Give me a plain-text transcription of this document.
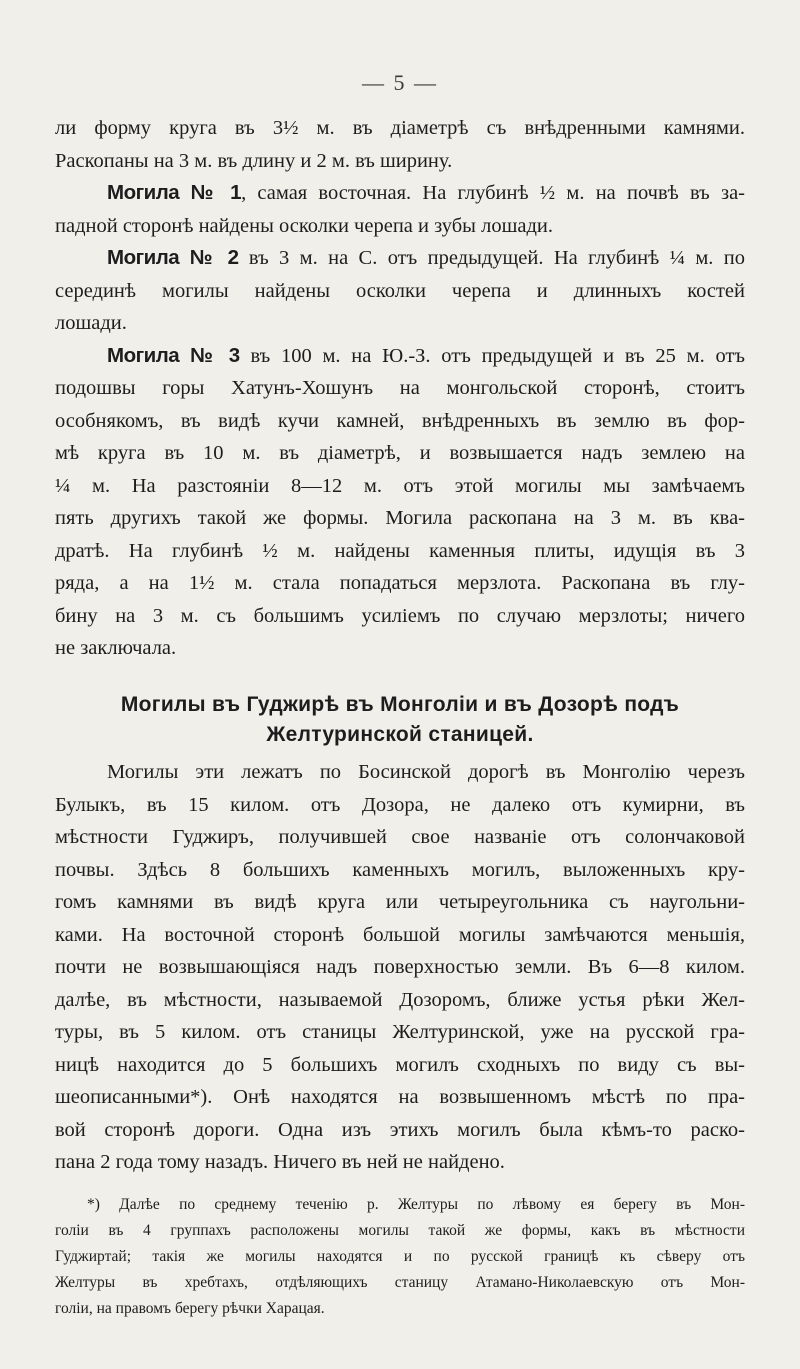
— 5 —
ли форму круга въ 3½ м. въ діаметрѣ съ внѣдренными камнями.
Раскопаны на 3 м. въ длину и 2 м. въ ширину.
Могила № 1, самая восточная. На глубинѣ ½ м. на почвѣ въ за-
падной сторонѣ найдены осколки черепа и зубы лошади.
Могила № 2 въ 3 м. на С. отъ предыдущей. На глубинѣ ¼ м. по
серединѣ могилы найдены осколки черепа и длинныхъ костей
лошади.
Могила № 3 въ 100 м. на Ю.-З. отъ предыдущей и въ 25 м. отъ
подошвы горы Хатунъ-Хошунъ на монгольской сторонѣ, стоитъ
особнякомъ, въ видѣ кучи камней, внѣдренныхъ въ землю въ фор-
мѣ круга въ 10 м. въ діаметрѣ, и возвышается надъ землею на
¼ м. На разстояніи 8—12 м. отъ этой могилы мы замѣчаемъ
пять другихъ такой же формы. Могила раскопана на 3 м. въ ква-
дратѣ. На глубинѣ ½ м. найдены каменныя плиты, идущія въ 3
ряда, а на 1½ м. стала попадаться мерзлота. Раскопана въ глу-
бину на 3 м. съ большимъ усиліемъ по случаю мерзлоты; ничего
не заключала.
Могилы въ Гуджирѣ въ Монголіи и въ Дозорѣ подъ
Желтуринской станицей.
Могилы эти лежатъ по Босинской дорогѣ въ Монголію черезъ
Булыкъ, въ 15 килом. отъ Дозора, не далеко отъ кумирни, въ
мѣстности Гуджиръ, получившей свое названіе отъ солончаковой
почвы. Здѣсь 8 большихъ каменныхъ могилъ, выложенныхъ кру-
гомъ камнями въ видѣ круга или четыреугольника съ наугольни-
ками. На восточной сторонѣ большой могилы замѣчаются меньшія,
почти не возвышающіяся надъ поверхностью земли. Въ 6—8 килом.
далѣе, въ мѣстности, называемой Дозоромъ, ближе устья рѣки Жел-
туры, въ 5 килом. отъ станицы Желтуринской, уже на русской гра-
ницѣ находится до 5 большихъ могилъ сходныхъ по виду съ вы-
шеописанными*). Онѣ находятся на возвышенномъ мѣстѣ по пра-
вой сторонѣ дороги. Одна изъ этихъ могилъ была кѣмъ-то раско-
пана 2 года тому назадъ. Ничего въ ней не найдено.
*) Далѣе по среднему теченію р. Желтуры по лѣвому ея берегу въ Мон-
голіи въ 4 группахъ расположены могилы такой же формы, какъ въ мѣстности
Гуджиртай; такія же могилы находятся и по русской границѣ къ сѣверу отъ
Желтуры въ хребтахъ, отдѣляющихъ станицу Атамано-Николаевскую отъ Мон-
голіи, на правомъ берегу рѣчки Харацая.
